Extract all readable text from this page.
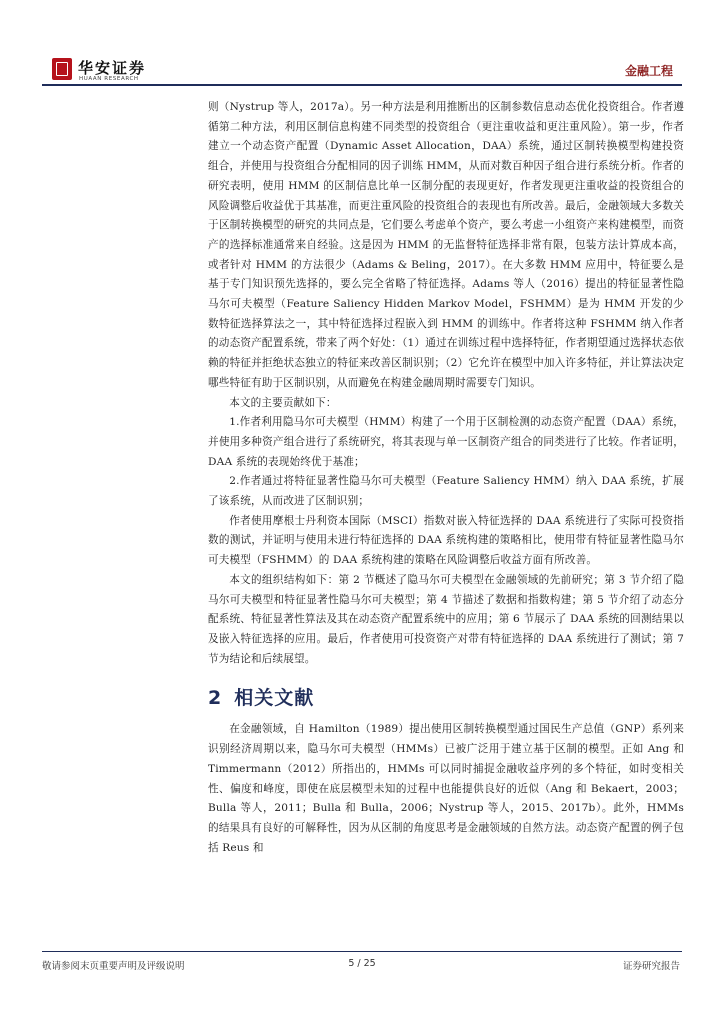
华安证券
HUAAN RESEARCH
金融工程

则（Nystrup 等人，2017a）。另一种方法是利用推断出的区制参数信息动态优化投资组合。作者遵循第二种方法，利用区制信息构建不同类型的投资组合（更注重收益和更注重风险）。第一步，作者建立一个动态资产配置（Dynamic Asset Allocation，DAA）系统，通过区制转换模型构建投资组合，并使用与投资组合分配相同的因子训练 HMM，从而对数百种因子组合进行系统分析。作者的研究表明，使用 HMM 的区制信息比单一区制分配的表现更好，作者发现更注重收益的投资组合的风险调整后收益优于其基准，而更注重风险的投资组合的表现也有所改善。最后，金融领域大多数关于区制转换模型的研究的共同点是，它们要么考虑单个资产，要么考虑一小组资产来构建模型，而资产的选择标准通常来自经验。这是因为 HMM 的无监督特征选择非常有限，包装方法计算成本高，或者针对 HMM 的方法很少（Adams & Beling，2017）。在大多数 HMM 应用中，特征要么是基于专门知识预先选择的，要么完全省略了特征选择。Adams 等人（2016）提出的特征显著性隐马尔可夫模型（Feature Saliency Hidden Markov Model，FSHMM）是为 HMM 开发的少数特征选择算法之一，其中特征选择过程嵌入到 HMM 的训练中。作者将这种 FSHMM 纳入作者的动态资产配置系统，带来了两个好处：（1）通过在训练过程中选择特征，作者期望通过选择状态依赖的特征并拒绝状态独立的特征来改善区制识别；（2）它允许在模型中加入许多特征，并让算法决定哪些特征有助于区制识别，从而避免在构建金融周期时需要专门知识。

本文的主要贡献如下：

1.作者利用隐马尔可夫模型（HMM）构建了一个用于区制检测的动态资产配置（DAA）系统，并使用多种资产组合进行了系统研究，将其表现与单一区制资产组合的同类进行了比较。作者证明，DAA 系统的表现始终优于基准；

2.作者通过将特征显著性隐马尔可夫模型（Feature Saliency HMM）纳入 DAA 系统，扩展了该系统，从而改进了区制识别；

作者使用摩根士丹利资本国际（MSCI）指数对嵌入特征选择的 DAA 系统进行了实际可投资指数的测试，并证明与使用未进行特征选择的 DAA 系统构建的策略相比，使用带有特征显著性隐马尔可夫模型（FSHMM）的 DAA 系统构建的策略在风险调整后收益方面有所改善。

本文的组织结构如下：第 2 节概述了隐马尔可夫模型在金融领域的先前研究；第 3 节介绍了隐马尔可夫模型和特征显著性隐马尔可夫模型；第 4 节描述了数据和指数构建；第 5 节介绍了动态分配系统、特征显著性算法及其在动态资产配置系统中的应用；第 6 节展示了 DAA 系统的回测结果以及嵌入特征选择的应用。最后，作者使用可投资资产对带有特征选择的 DAA 系统进行了测试；第 7 节为结论和后续展望。

2 相关文献

在金融领域，自 Hamilton（1989）提出使用区制转换模型通过国民生产总值（GNP）系列来识别经济周期以来，隐马尔可夫模型（HMMs）已被广泛用于建立基于区制的模型。正如 Ang 和 Timmermann（2012）所指出的，HMMs 可以同时捕捉金融收益序列的多个特征，如时变相关性、偏度和峰度，即使在底层模型未知的过程中也能提供良好的近似（Ang 和 Bekaert，2003；Bulla 等人，2011；Bulla 和 Bulla，2006；Nystrup 等人，2015、2017b）。此外，HMMs 的结果具有良好的可解释性，因为从区制的角度思考是金融领域的自然方法。动态资产配置的例子包括 Reus 和

敬请参阅末页重要声明及评级说明	5 / 25	证券研究报告
